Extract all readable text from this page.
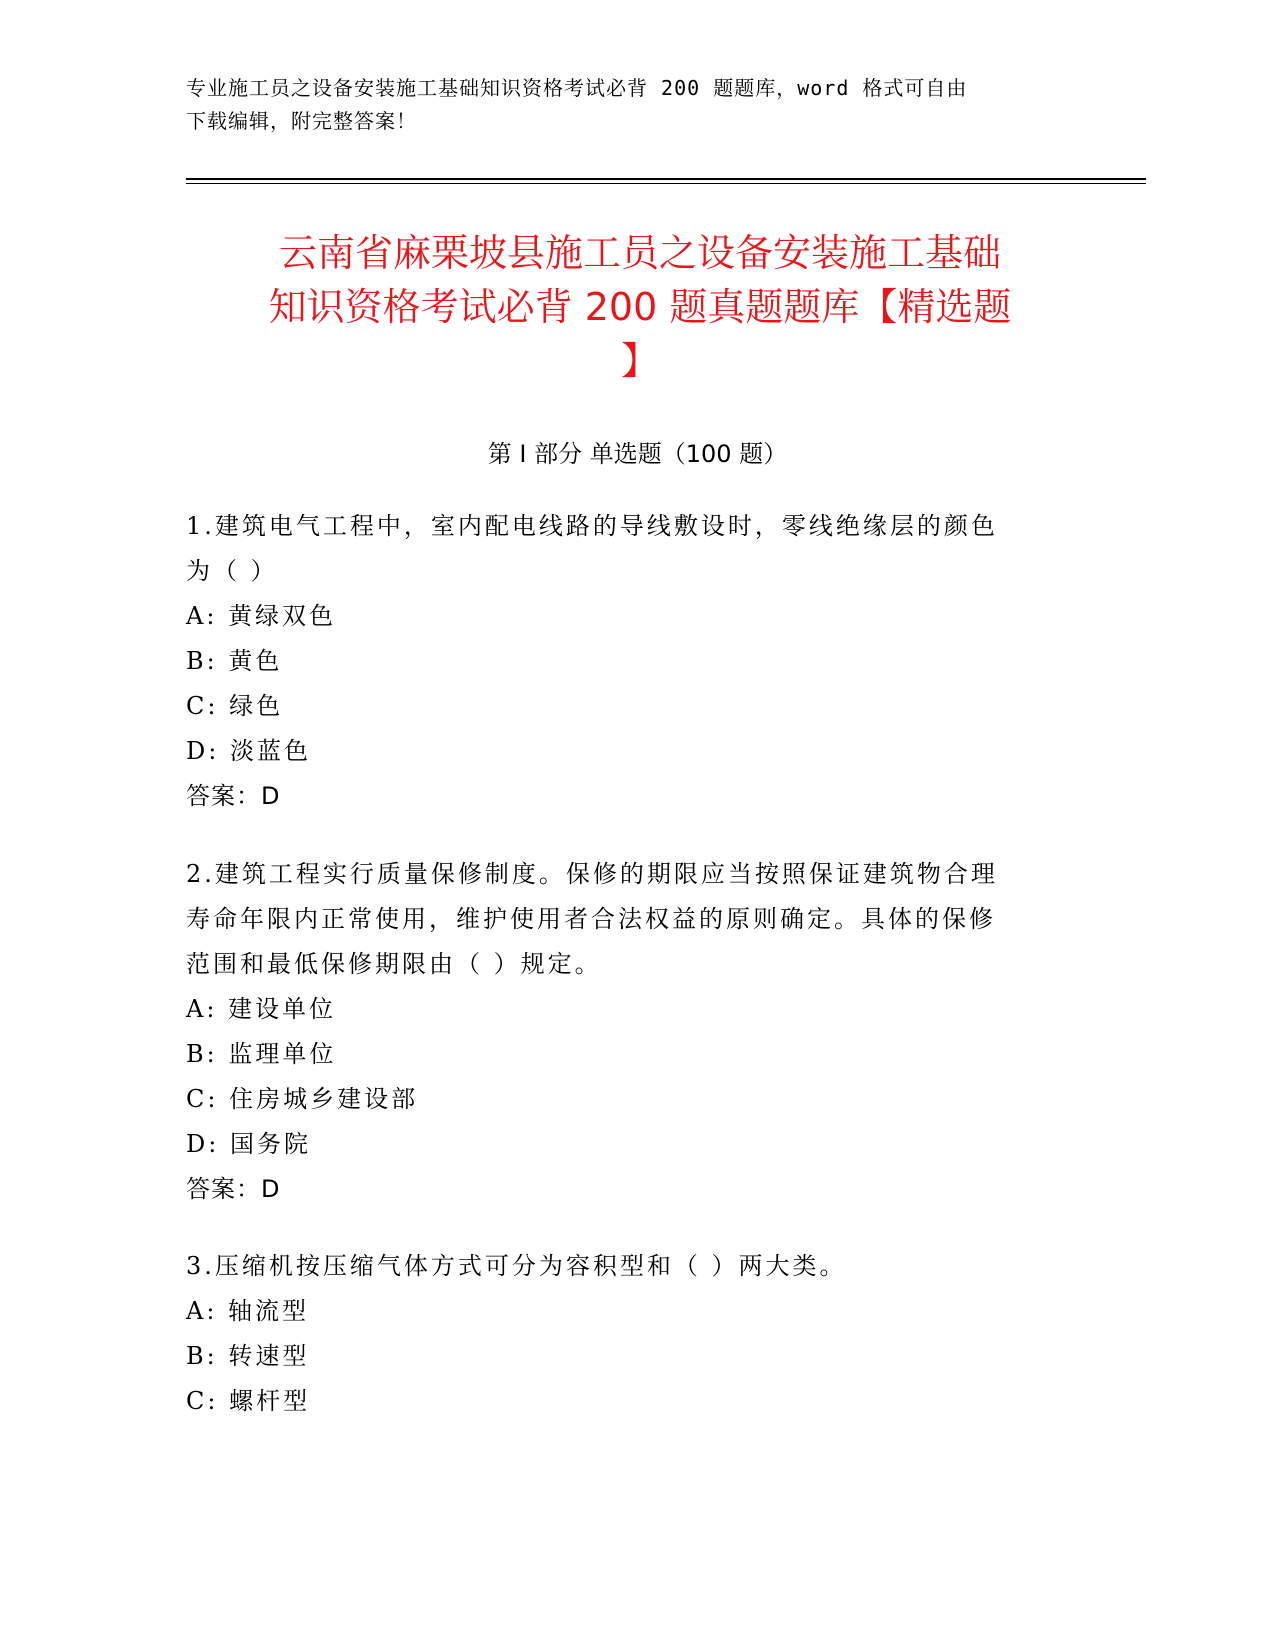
专业施工员之设备安装施工基础知识资格考试必背 200 题题库，word 格式可自由
下载编辑，附完整答案！
云南省麻栗坡县施工员之设备安装施工基础
知识资格考试必背 200 题真题题库【精选题
】
第 I 部分 单选题（100 题）

1.建筑电气工程中，室内配电线路的导线敷设时，零线绝缘层的颜色

为（ ）

A: 黄绿双色

B: 黄色

C: 绿色

D: 淡蓝色

答案：D

2.建筑工程实行质量保修制度。保修的期限应当按照保证建筑物合理

寿命年限内正常使用，维护使用者合法权益的原则确定。具体的保修

范围和最低保修期限由（ ）规定。

A: 建设单位

B: 监理单位

C: 住房城乡建设部

D: 国务院

答案：D

3.压缩机按压缩气体方式可分为容积型和（ ）两大类。

A: 轴流型

B: 转速型

C: 螺杆型
